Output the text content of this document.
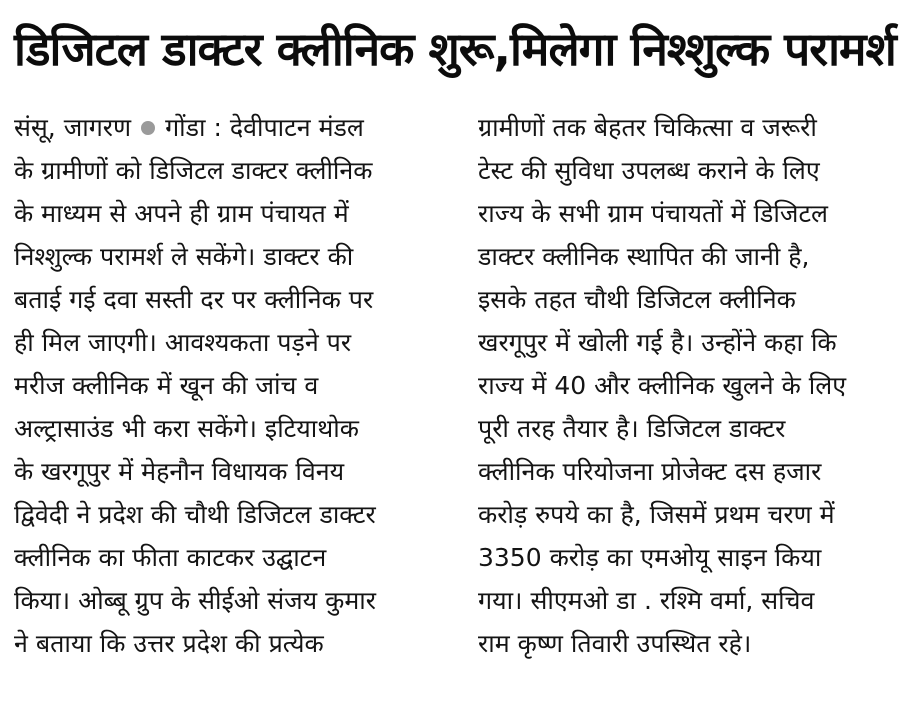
डिजिटल डाक्टर क्लीनिक शुरू,मिलेगा निश्शुल्क परामर्श
संसू, जागरण गोंडा : देवीपाटन मंडल
के ग्रामीणों को डिजिटल डाक्टर क्लीनिक
के माध्यम से अपने ही ग्राम पंचायत में
निश्शुल्क परामर्श ले सकेंगे। डाक्टर की
बताई गई दवा सस्ती दर पर क्लीनिक पर
ही मिल जाएगी। आवश्यकता पड़ने पर
मरीज क्लीनिक में खून की जांच व
अल्ट्रासाउंड भी करा सकेंगे। इटियाथोक
के खरगूपुर में मेहनौन विधायक विनय
द्विवेदी ने प्रदेश की चौथी डिजिटल डाक्टर
क्लीनिक का फीता काटकर उद्घाटन
किया। ओब्बू ग्रुप के सीईओ संजय कुमार
ने बताया कि उत्तर प्रदेश की प्रत्येक
ग्रामीणों तक बेहतर चिकित्सा व जरूरी
टेस्ट की सुविधा उपलब्ध कराने के लिए
राज्य के सभी ग्राम पंचायतों में डिजिटल
डाक्टर क्लीनिक स्थापित की जानी है,
इसके तहत चौथी डिजिटल क्लीनिक
खरगूपुर में खोली गई है। उन्होंने कहा कि
राज्य में 40 और क्लीनिक खुलने के लिए
पूरी तरह तैयार है। डिजिटल डाक्टर
क्लीनिक परियोजना प्रोजेक्ट दस हजार
करोड़ रुपये का है, जिसमें प्रथम चरण में
3350 करोड़ का एमओयू साइन किया
गया। सीएमओ डा . रश्मि वर्मा, सचिव
राम कृष्ण तिवारी उपस्थित रहे।
